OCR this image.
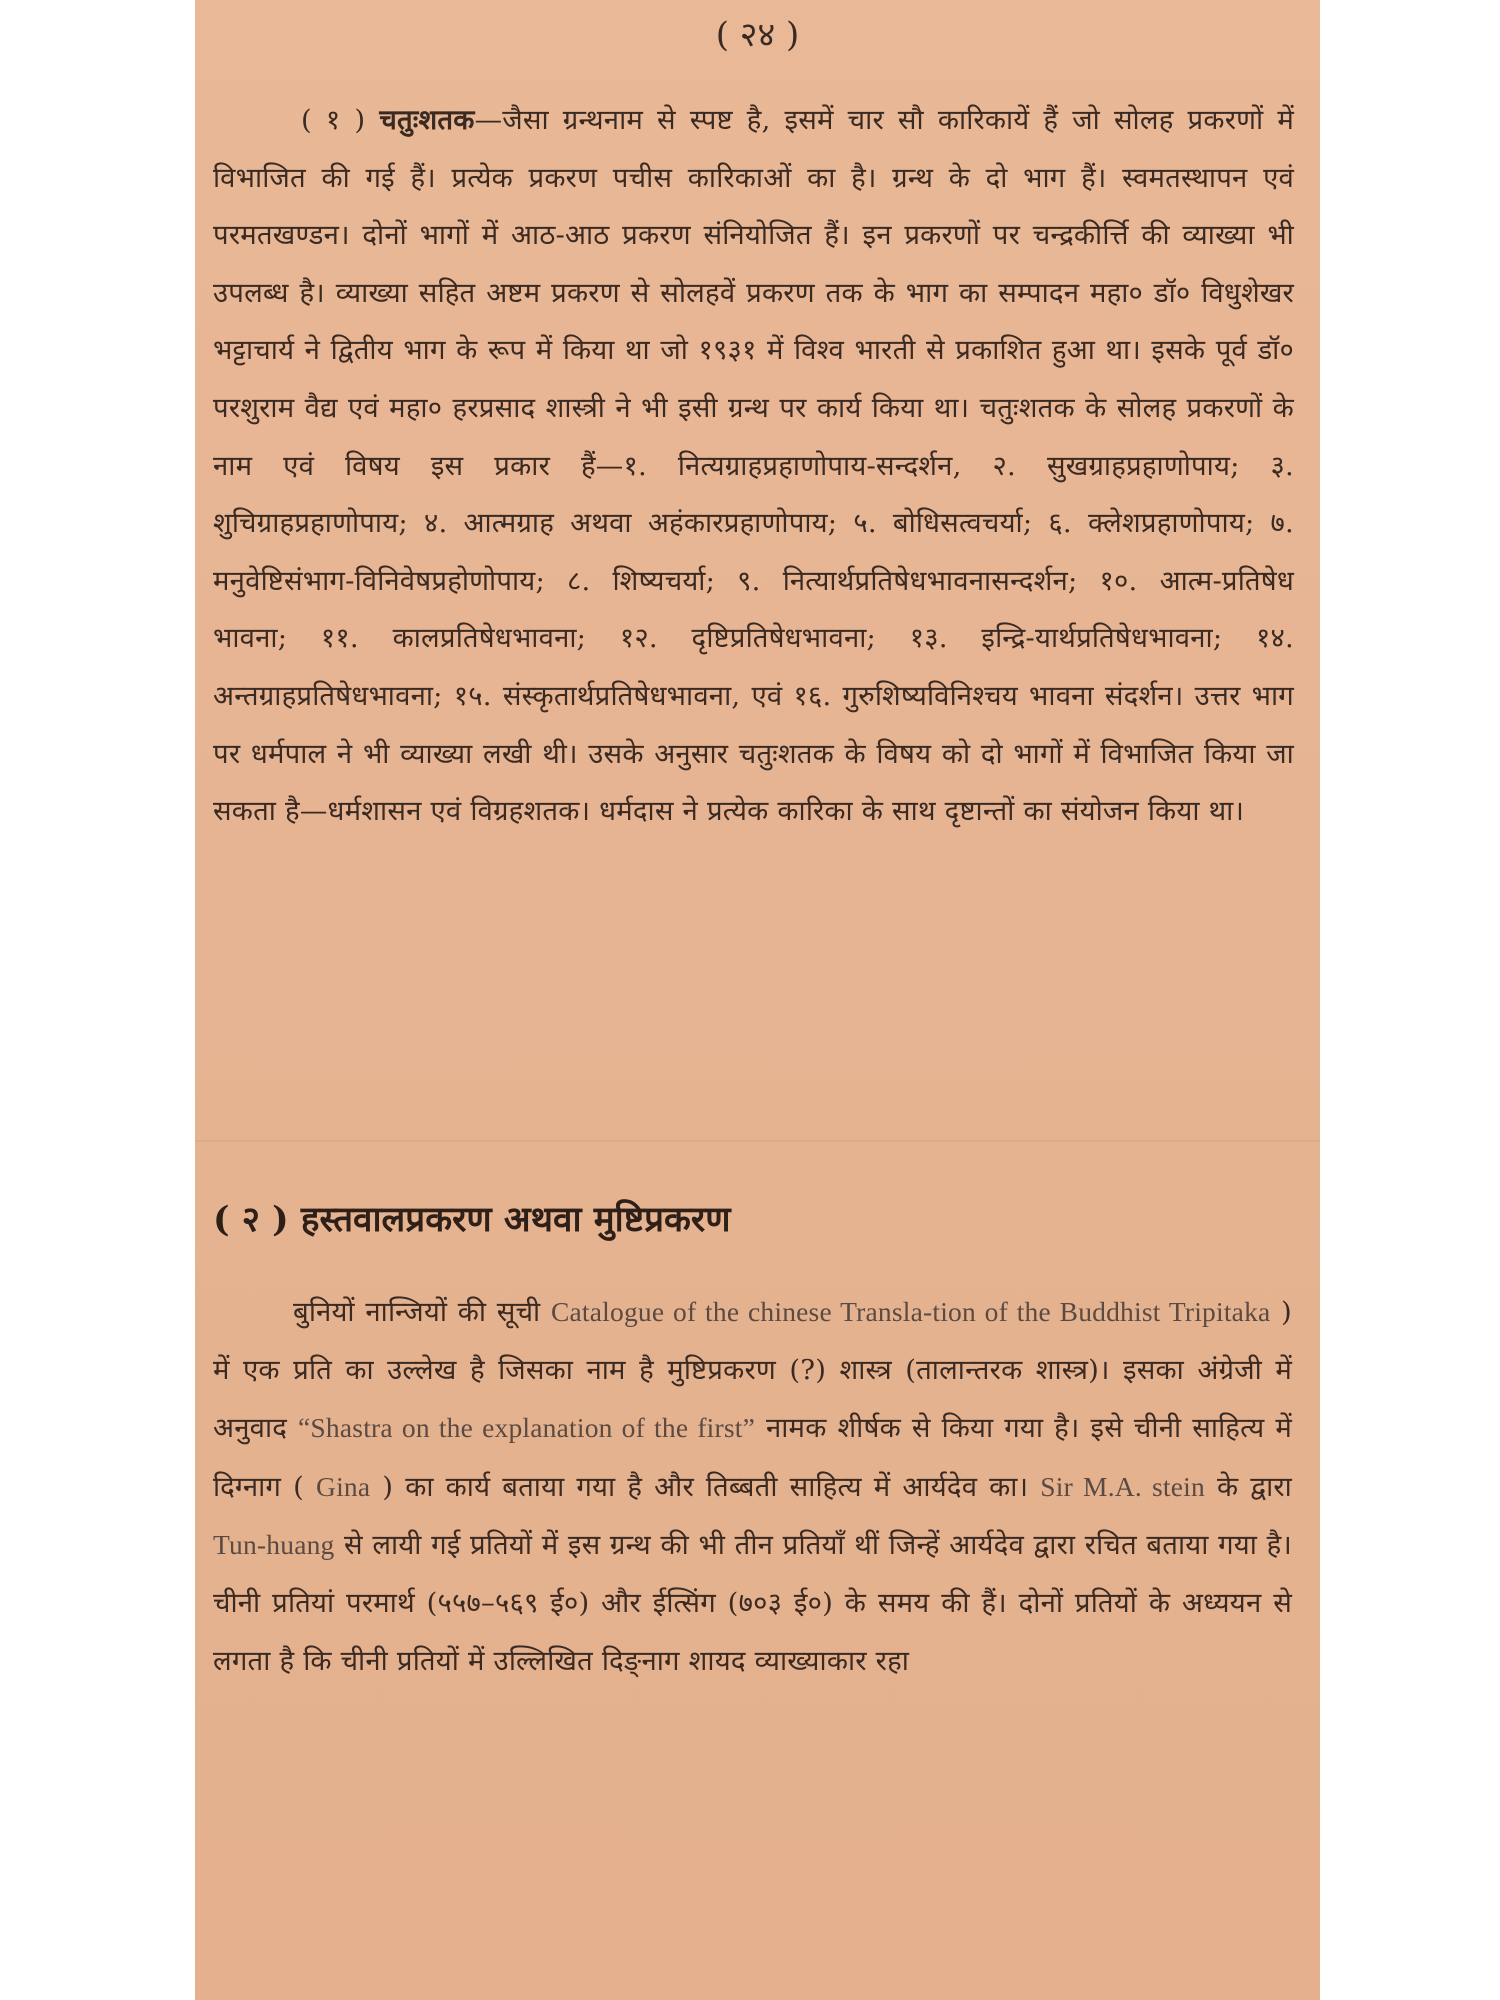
( २४ )

( १ ) चतुःशतक—जैसा ग्रन्थनाम से स्पष्ट है, इसमें चार सौ कारिकायें हैं जो सोलह प्रकरणों में विभाजित की गई हैं। प्रत्येक प्रकरण पचीस कारिकाओं का है। ग्रन्थ के दो भाग हैं। स्वमतस्थापन एवं परमतखण्डन। दोनों भागों में आठ-आठ प्रकरण संनियोजित हैं। इन प्रकरणों पर चन्द्रकीर्त्ति की व्याख्या भी उपलब्ध है। व्याख्या सहित अष्टम प्रकरण से सोलहवें प्रकरण तक के भाग का सम्पादन महा० डॉ० विधुशेखर भट्टाचार्य ने द्वितीय भाग के रूप में किया था जो १९३१ में विश्व भारती से प्रकाशित हुआ था। इसके पूर्व डॉ० परशुराम वैद्य एवं महा० हरप्रसाद शास्त्री ने भी इसी ग्रन्थ पर कार्य किया था। चतुःशतक के सोलह प्रकरणों के नाम एवं विषय इस प्रकार हैं—१. नित्यग्राहप्रहाणोपाय-सन्दर्शन, २. सुखग्राहप्रहाणोपाय; ३. शुचिग्राहप्रहाणोपाय; ४. आत्मग्राह अथवा अहंकारप्रहाणोपाय; ५. बोधिसत्वचर्या; ६. क्लेशप्रहाणोपाय; ७. मनुवेष्टिसंभाग-विनिवेषप्रहोणोपाय; ८. शिष्यचर्या; ९. नित्यार्थप्रतिषेधभावनासन्दर्शन; १०. आत्म-प्रतिषेध भावना; ११. कालप्रतिषेधभावना; १२. दृष्टिप्रतिषेधभावना; १३. इन्द्रि-यार्थप्रतिषेधभावना; १४. अन्तग्राहप्रतिषेधभावना; १५. संस्कृतार्थप्रतिषेधभावना, एवं १६. गुरुशिष्यविनिश्चय भावना संदर्शन। उत्तर भाग पर धर्मपाल ने भी व्याख्या लखी थी। उसके अनुसार चतुःशतक के विषय को दो भागों में विभाजित किया जा सकता है—धर्मशासन एवं विग्रहशतक। धर्मदास ने प्रत्येक कारिका के साथ दृष्टान्तों का संयोजन किया था।

( २ ) हस्तवालप्रकरण अथवा मुष्टिप्रकरण

बुनियों नान्जियों की सूची Catalogue of the chinese Transla-tion of the Buddhist Tripitaka ) में एक प्रति का उल्लेख है जिसका नाम है मुष्टिप्रकरण (?) शास्त्र (तालान्तरक शास्त्र)। इसका अंग्रेजी में अनुवाद “Shastra on the explanation of the first” नामक शीर्षक से किया गया है। इसे चीनी साहित्य में दिग्नाग ( Gina ) का कार्य बताया गया है और तिब्बती साहित्य में आर्यदेव का। Sir M.A. stein के द्वारा Tun-huang से लायी गई प्रतियों में इस ग्रन्थ की भी तीन प्रतियाँ थीं जिन्हें आर्यदेव द्वारा रचित बताया गया है। चीनी प्रतियां परमार्थ (५५७–५६९ ई०) और ईत्सिंग (७०३ ई०) के समय की हैं। दोनों प्रतियों के अध्ययन से लगता है कि चीनी प्रतियों में उल्लिखित दिङ्नाग शायद व्याख्याकार रहा
